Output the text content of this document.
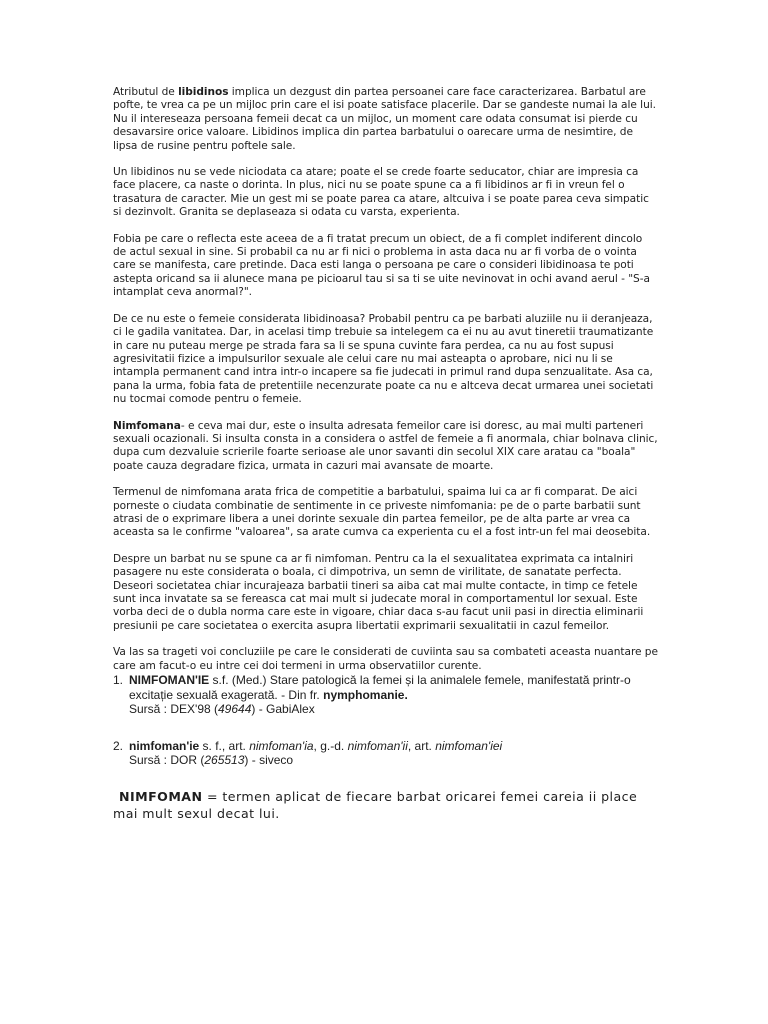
Atributul de libidinos implica un dezgust din partea persoanei care face caracterizarea. Barbatul are pofte, te vrea ca pe un mijloc prin care el isi poate satisface placerile. Dar se gandeste numai la ale lui. Nu il intereseaza persoana femeii decat ca un mijloc, un moment care odata consumat isi pierde cu desavarsire orice valoare. Libidinos implica din partea barbatului o oarecare urma de nesimtire, de lipsa de rusine pentru poftele sale.

Un libidinos nu se vede niciodata ca atare; poate el se crede foarte seducator, chiar are impresia ca face placere, ca naste o dorinta. In plus, nici nu se poate spune ca a fi libidinos ar fi in vreun fel o trasatura de caracter. Mie un gest mi se poate parea ca atare, altcuiva i se poate parea ceva simpatic si dezinvolt. Granita se deplaseaza si odata cu varsta, experienta.

Fobia pe care o reflecta este aceea de a fi tratat precum un obiect, de a fi complet indiferent dincolo de actul sexual in sine. Si probabil ca nu ar fi nici o problema in asta daca nu ar fi vorba de o vointa care se manifesta, care pretinde. Daca esti langa o persoana pe care o consideri libidinoasa te poti astepta oricand sa ii alunece mana pe picioarul tau si sa ti se uite nevinovat in ochi avand aerul - "S-a intamplat ceva anormal?".

De ce nu este o femeie considerata libidinoasa? Probabil pentru ca pe barbati aluziile nu ii deranjeaza, ci le gadila vanitatea. Dar, in acelasi timp trebuie sa intelegem ca ei nu au avut tineretii traumatizante in care nu puteau merge pe strada fara sa li se spuna cuvinte fara perdea, ca nu au fost supusi agresivitatii fizice a impulsurilor sexuale ale celui care nu mai asteapta o aprobare, nici nu li se intampla permanent cand intra intr-o incapere sa fie judecati in primul rand dupa senzualitate. Asa ca, pana la urma, fobia fata de pretentiile necenzurate poate ca nu e altceva decat urmarea unei societati nu tocmai comode pentru o femeie.

Nimfomana- e ceva mai dur, este o insulta adresata femeilor care isi doresc, au mai multi parteneri sexuali ocazionali. Si insulta consta in a considera o astfel de femeie a fi anormala, chiar bolnava clinic, dupa cum dezvaluie scrierile foarte serioase ale unor savanti din secolul XIX care aratau ca "boala" poate cauza degradare fizica, urmata in cazuri mai avansate de moarte.

Termenul de nimfomana arata frica de competitie a barbatului, spaima lui ca ar fi comparat. De aici porneste o ciudata combinatie de sentimente in ce priveste nimfomania: pe de o parte barbatii sunt atrasi de o exprimare libera a unei dorinte sexuale din partea femeilor, pe de alta parte ar vrea ca aceasta sa le confirme "valoarea", sa arate cumva ca experienta cu el a fost intr-un fel mai deosebita.

Despre un barbat nu se spune ca ar fi nimfoman. Pentru ca la el sexualitatea exprimata ca intalniri pasagere nu este considerata o boala, ci dimpotriva, un semn de virilitate, de sanatate perfecta. Deseori societatea chiar incurajeaza barbatii tineri sa aiba cat mai multe contacte, in timp ce fetele sunt inca invatate sa se fereasca cat mai mult si judecate moral in comportamentul lor sexual. Este vorba deci de o dubla norma care este in vigoare, chiar daca s-au facut unii pasi in directia eliminarii presiunii pe care societatea o exercita asupra libertatii exprimarii sexualitatii in cazul femeilor.

Va las sa trageti voi concluziile pe care le considerati de cuviinta sau sa combateti aceasta nuantare pe care am facut-o eu intre cei doi termeni in urma observatiilor curente.

1. NIMFOMAN'IE s.f. (Med.) Stare patologică la femei și la animalele femele, manifestată printr-o excitație sexuală exagerată. - Din fr. nymphomanie.
Sursă : DEX'98 (49644) - GabiAlex
2. nimfoman'ie s. f., art. nimfoman'ia, g.-d. nimfoman'ii, art. nimfoman'iei
Sursă : DOR (265513) - siveco

NIMFOMAN = termen aplicat de fiecare barbat oricarei femei careia ii place mai mult sexul decat lui.
